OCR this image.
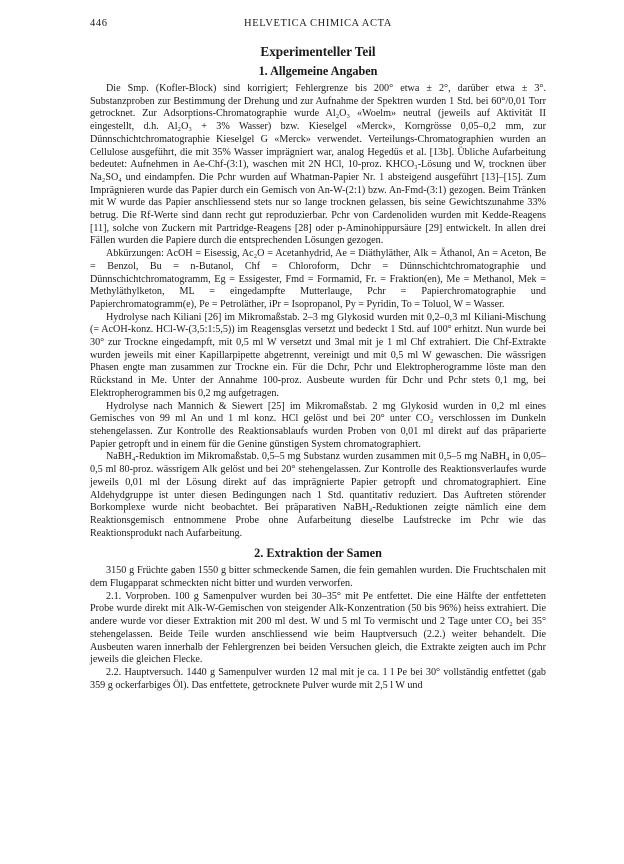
446	HELVETICA CHIMICA ACTA
Experimenteller Teil
1. Allgemeine Angaben

Die Smp. (Kofler-Block) sind korrigiert; Fehlergrenze bis 200° etwa ± 2°, darüber etwa ± 3°. Substanzproben zur Bestimmung der Drehung und zur Aufnahme der Spektren wurden 1 Std. bei 60°/0,01 Torr getrocknet. Zur Adsorptions-Chromatographie wurde Al₂O₃ «Woelm» neutral (jeweils auf Aktivität II eingestellt, d.h. Al₂O₃ + 3% Wasser) bzw. Kieselgel «Merck», Korngrösse 0,05–0,2 mm, zur Dünnschichtchromatographie Kieselgel G «Merck» verwendet. Verteilungs-Chromatographien wurden an Cellulose ausgeführt, die mit 35% Wasser imprägniert war, analog Hegedüs et al. [13b]. Übliche Aufarbeitung bedeutet: Aufnehmen in Ae-Chf-(3:1), waschen mit 2N HCl, 10-proz. KHCO₃-Lösung und W, trocknen über Na₂SO₄ und eindampfen. Die Pchr wurden auf Whatman-Papier Nr. 1 absteigend ausgeführt [13]–[15]. Zum Imprägnieren wurde das Papier durch ein Gemisch von An-W-(2:1) bzw. An-Fmd-(3:1) gezogen. Beim Tränken mit W wurde das Papier anschliessend stets nur so lange trocknen gelassen, bis seine Gewichtszunahme 33% betrug. Die Rf-Werte sind dann recht gut reproduzierbar. Pchr von Cardenoliden wurden mit Kedde-Reagens [11], solche von Zuckern mit Partridge-Reagens [28] oder p-Aminohippursäure [29] entwickelt. In allen drei Fällen wurden die Papiere durch die entsprechenden Lösungen gezogen.

Abkürzungen: AcOH = Eisessig, Ac₂O = Acetanhydrid, Ae = Diäthyläther, Alk = Äthanol, An = Aceton, Be = Benzol, Bu = n-Butanol, Chf = Chloroform, Dchr = Dünnschichtchromatographie und Dünnschichtchromatogramm, Eg = Essigester, Fmd = Formamid, Fr. = Fraktion(en), Me = Methanol, Mek = Methyläthylketon, ML = eingedampfte Mutterlauge, Pchr = Papierchromatographie und Papierchromatogramm(e), Pe = Petroläther, iPr = Isopropanol, Py = Pyridin, To = Toluol, W = Wasser.

Hydrolyse nach Kiliani [26] im Mikromaßstab. 2–3 mg Glykosid wurden mit 0,2–0,3 ml Kiliani-Mischung (= AcOH-konz. HCl-W-(3,5:1:5,5)) im Reagensglas versetzt und bedeckt 1 Std. auf 100° erhitzt. Nun wurde bei 30° zur Trockne eingedampft, mit 0,5 ml W versetzt und 3mal mit je 1 ml Chf extrahiert. Die Chf-Extrakte wurden jeweils mit einer Kapillarpipette abgetrennt, vereinigt und mit 0,5 ml W gewaschen. Die wässrigen Phasen engte man zusammen zur Trockne ein. Für die Dchr, Pchr und Elektropherogramme löste man den Rückstand in Me. Unter der Annahme 100-proz. Ausbeute wurden für Dchr und Pchr stets 0,1 mg, bei Elektropherogrammen bis 0,2 mg aufgetragen.

Hydrolyse nach Mannich & Siewert [25] im Mikromaßstab. 2 mg Glykosid wurden in 0,2 ml eines Gemisches von 99 ml An und 1 ml konz. HCl gelöst und bei 20° unter CO₂ verschlossen im Dunkeln stehengelassen. Zur Kontrolle des Reaktionsablaufs wurden Proben von 0,01 ml direkt auf das präparierte Papier getropft und in einem für die Genine günstigen System chromatographiert.

NaBH₄-Reduktion im Mikromaßstab. 0,5–5 mg Substanz wurden zusammen mit 0,5–5 mg NaBH₄ in 0,05–0,5 ml 80-proz. wässrigem Alk gelöst und bei 20° stehengelassen. Zur Kontrolle des Reaktionsverlaufes wurde jeweils 0,01 ml der Lösung direkt auf das imprägnierte Papier getropft und chromatographiert. Eine Aldehydgruppe ist unter diesen Bedingungen nach 1 Std. quantitativ reduziert. Das Auftreten störender Borkomplexe wurde nicht beobachtet. Bei präparativen NaBH₄-Reduktionen zeigte nämlich eine dem Reaktionsgemisch entnommene Probe ohne Aufarbeitung dieselbe Laufstrecke im Pchr wie das Reaktionsprodukt nach Aufarbeitung.

2. Extraktion der Samen

3150 g Früchte gaben 1550 g bitter schmeckende Samen, die fein gemahlen wurden. Die Fruchtschalen mit dem Flugapparat schmeckten nicht bitter und wurden verworfen.

2.1. Vorproben. 100 g Samenpulver wurden bei 30–35° mit Pe entfettet. Die eine Hälfte der entfetteten Probe wurde direkt mit Alk-W-Gemischen von steigender Alk-Konzentration (50 bis 96%) heiss extrahiert. Die andere wurde vor dieser Extraktion mit 200 ml dest. W und 5 ml To vermischt und 2 Tage unter CO₂ bei 35° stehengelassen. Beide Teile wurden anschliessend wie beim Hauptversuch (2.2.) weiter behandelt. Die Ausbeuten waren innerhalb der Fehlergrenzen bei beiden Versuchen gleich, die Extrakte zeigten auch im Pchr jeweils die gleichen Flecke.

2.2. Hauptversuch. 1440 g Samenpulver wurden 12 mal mit je ca. 1 l Pe bei 30° vollständig entfettet (gab 359 g ockerfarbiges Öl). Das entfettete, getrocknete Pulver wurde mit 2,5 l W und
